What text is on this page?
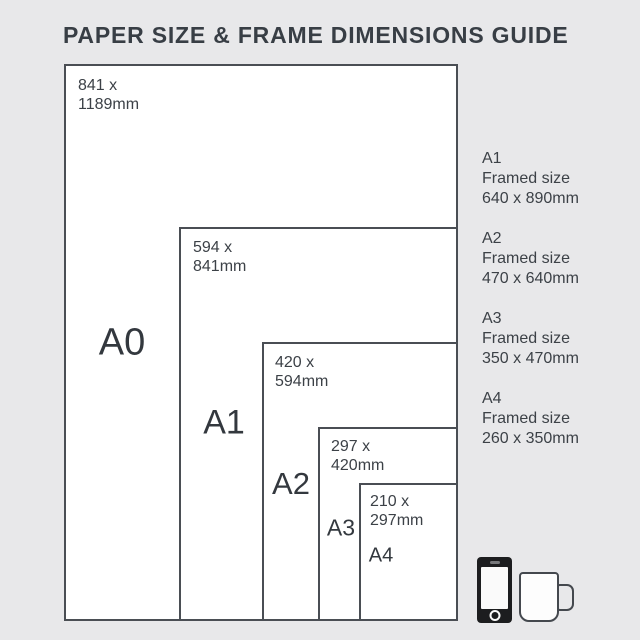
PAPER SIZE & FRAME DIMENSIONS GUIDE
841 x
1189mm
594 x
841mm
420 x
594mm
297 x
420mm
210 x
297mm
A0
A1
A2
A3
A4
A1
Framed size
640 x 890mm
A2
Framed size
470 x 640mm
A3
Framed size
350 x 470mm
A4
Framed size
260 x 350mm
